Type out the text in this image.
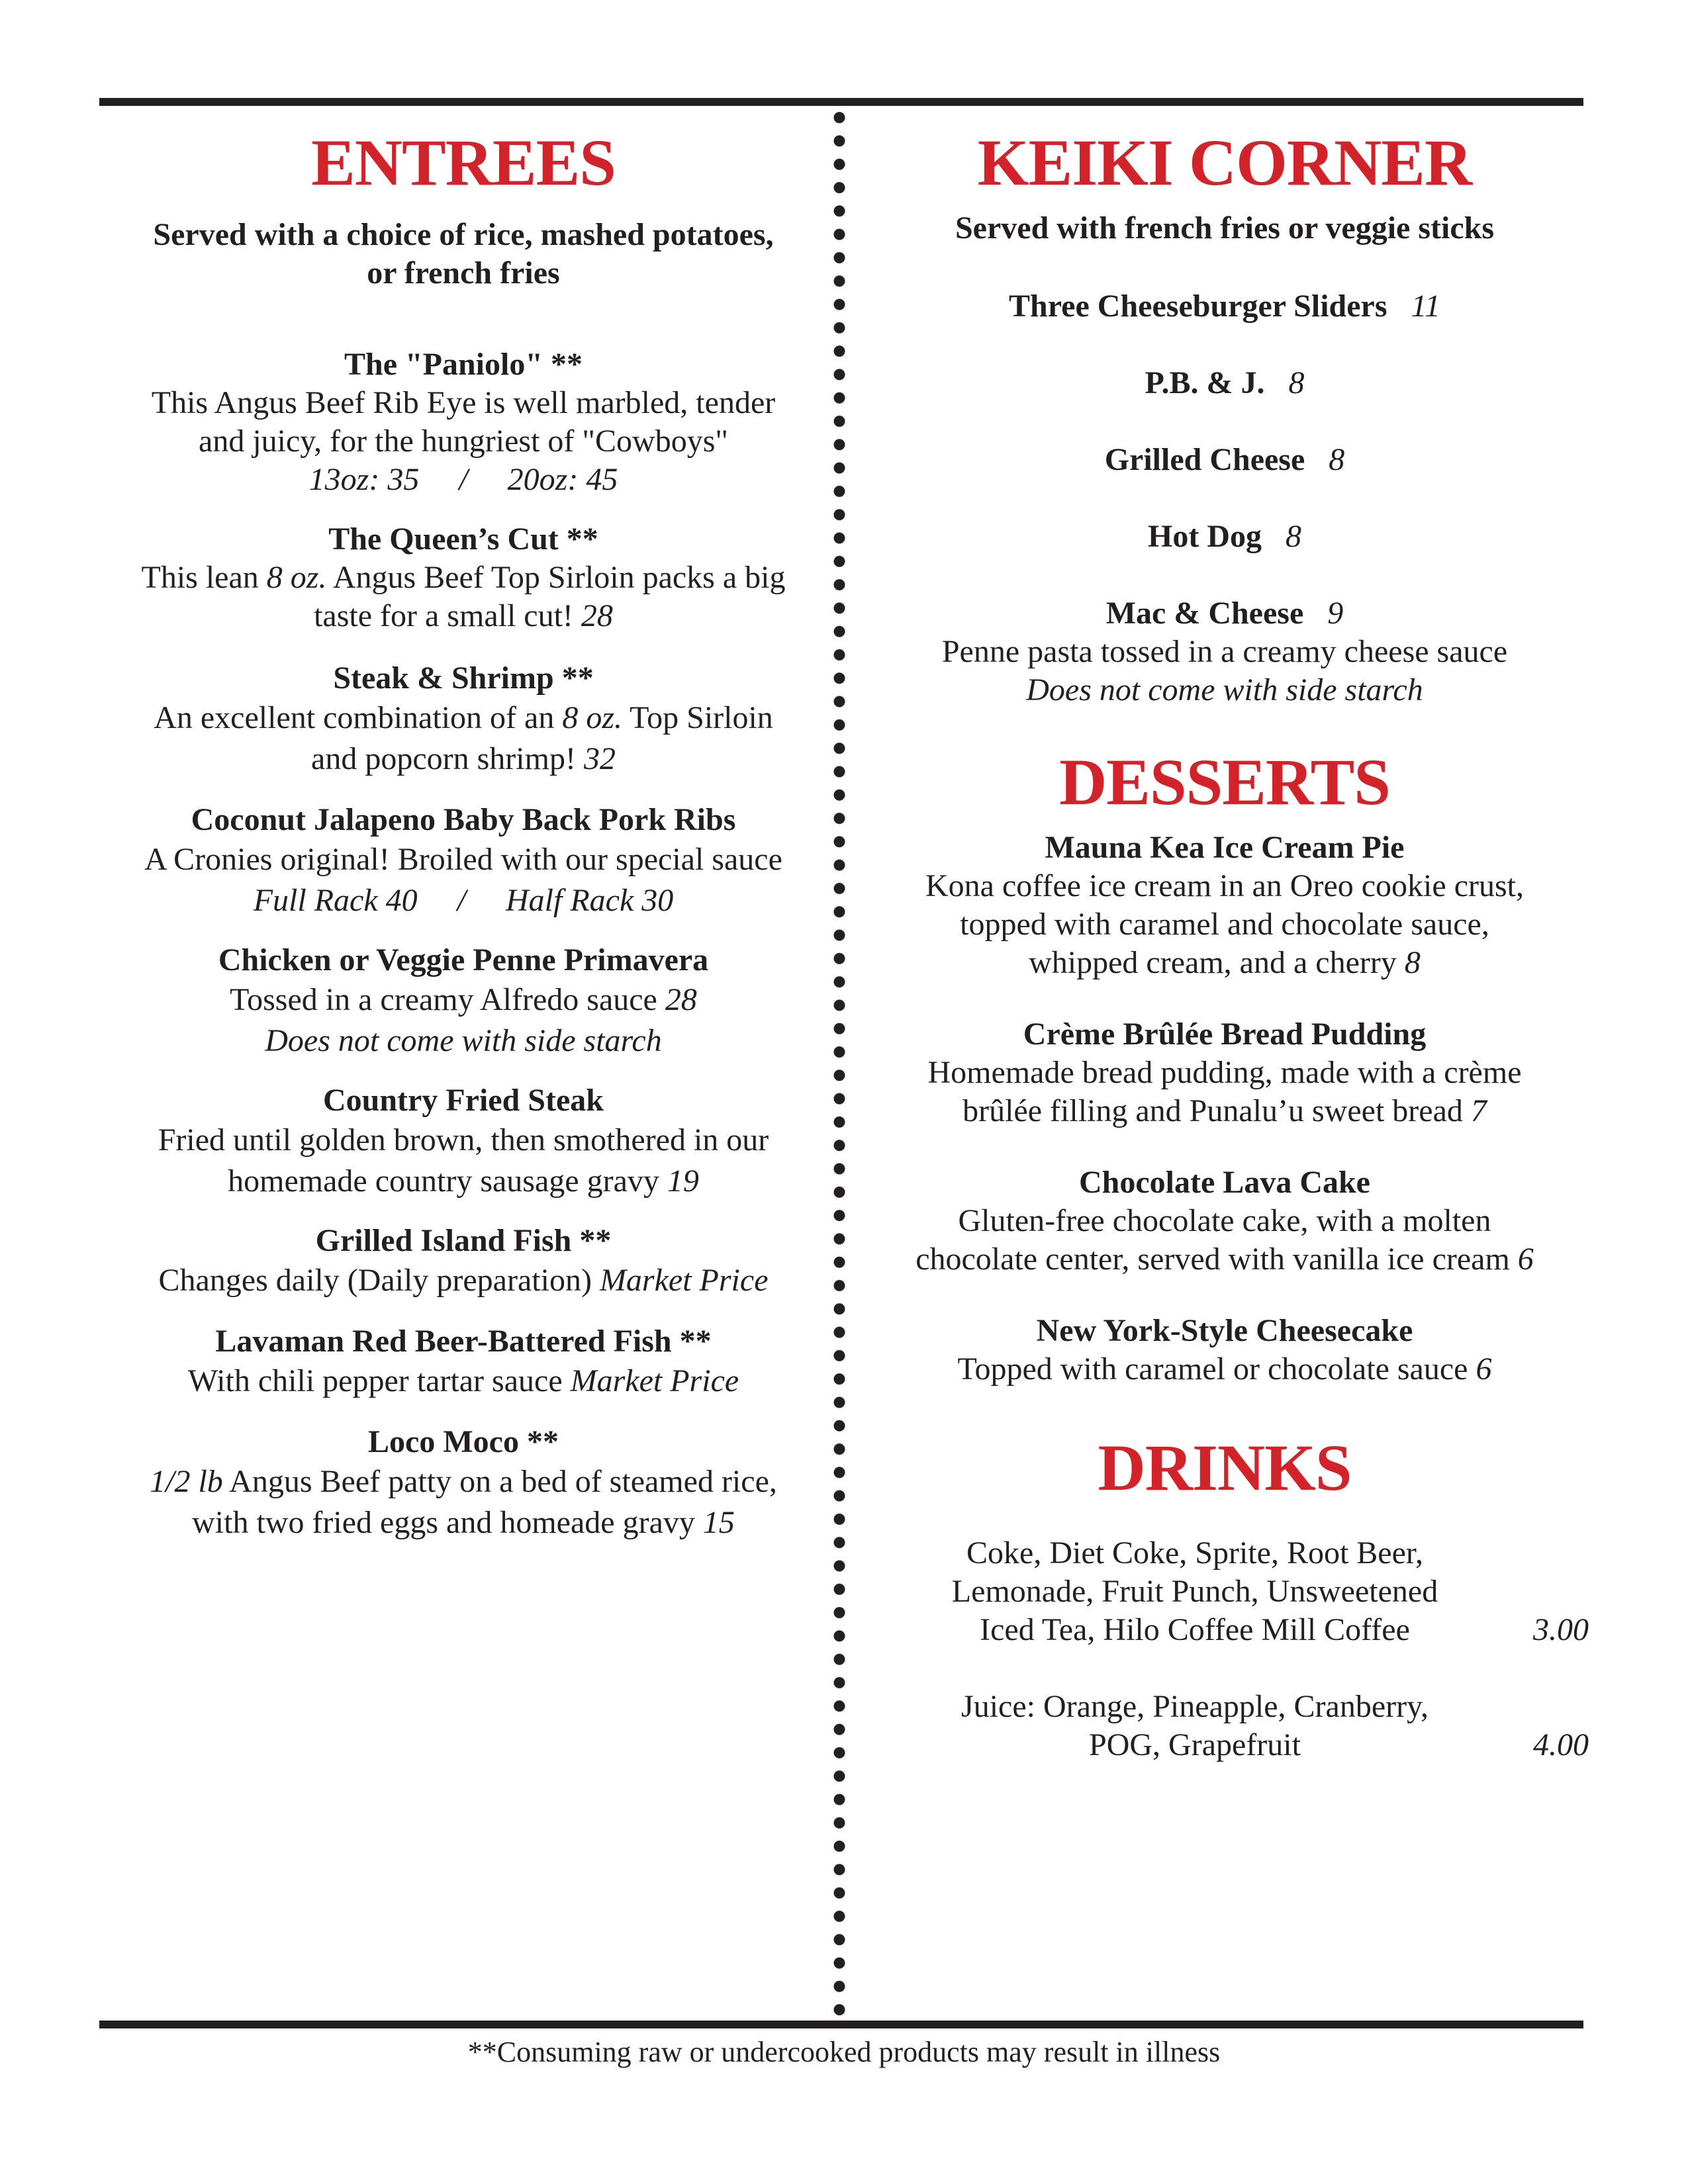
ENTREES
Served with a choice of rice, mashed potatoes,
or french fries
The "Paniolo" **
This Angus Beef Rib Eye is well marbled, tender
and juicy, for the hungriest of "Cowboys"
13oz: 35     /     20oz: 45
The Queen’s Cut **
This lean 8 oz. Angus Beef Top Sirloin packs a big
taste for a small cut! 28
Steak & Shrimp **
An excellent combination of an 8 oz. Top Sirloin
and popcorn shrimp! 32
Coconut Jalapeno Baby Back Pork Ribs
A Cronies original! Broiled with our special sauce
Full Rack 40     /     Half Rack 30
Chicken or Veggie Penne Primavera
Tossed in a creamy Alfredo sauce 28
Does not come with side starch
Country Fried Steak
Fried until golden brown, then smothered in our
homemade country sausage gravy 19
Grilled Island Fish **
Changes daily (Daily preparation) Market Price
Lavaman Red Beer-Battered Fish **
With chili pepper tartar sauce Market Price
Loco Moco **
1/2 lb Angus Beef patty on a bed of steamed rice,
with two fried eggs and homeade gravy 15
KEIKI CORNER
Served with french fries or veggie sticks
Three Cheeseburger Sliders 11
P.B. & J. 8
Grilled Cheese 8
Hot Dog 8
Mac & Cheese 9
Penne pasta tossed in a creamy cheese sauce
Does not come with side starch
DESSERTS
Mauna Kea Ice Cream Pie
Kona coffee ice cream in an Oreo cookie crust,
topped with caramel and chocolate sauce,
whipped cream, and a cherry 8
Crème Brûlée Bread Pudding
Homemade bread pudding, made with a crème
brûlée filling and Punalu’u sweet bread 7
Chocolate Lava Cake
Gluten-free chocolate cake, with a molten
chocolate center, served with vanilla ice cream 6
New York-Style Cheesecake
Topped with caramel or chocolate sauce 6
DRINKS
Coke, Diet Coke, Sprite, Root Beer,
Lemonade, Fruit Punch, Unsweetened
Iced Tea, Hilo Coffee Mill Coffee	3.00
Juice: Orange, Pineapple, Cranberry,
POG, Grapefruit	4.00
**Consuming raw or undercooked products may result in illness
